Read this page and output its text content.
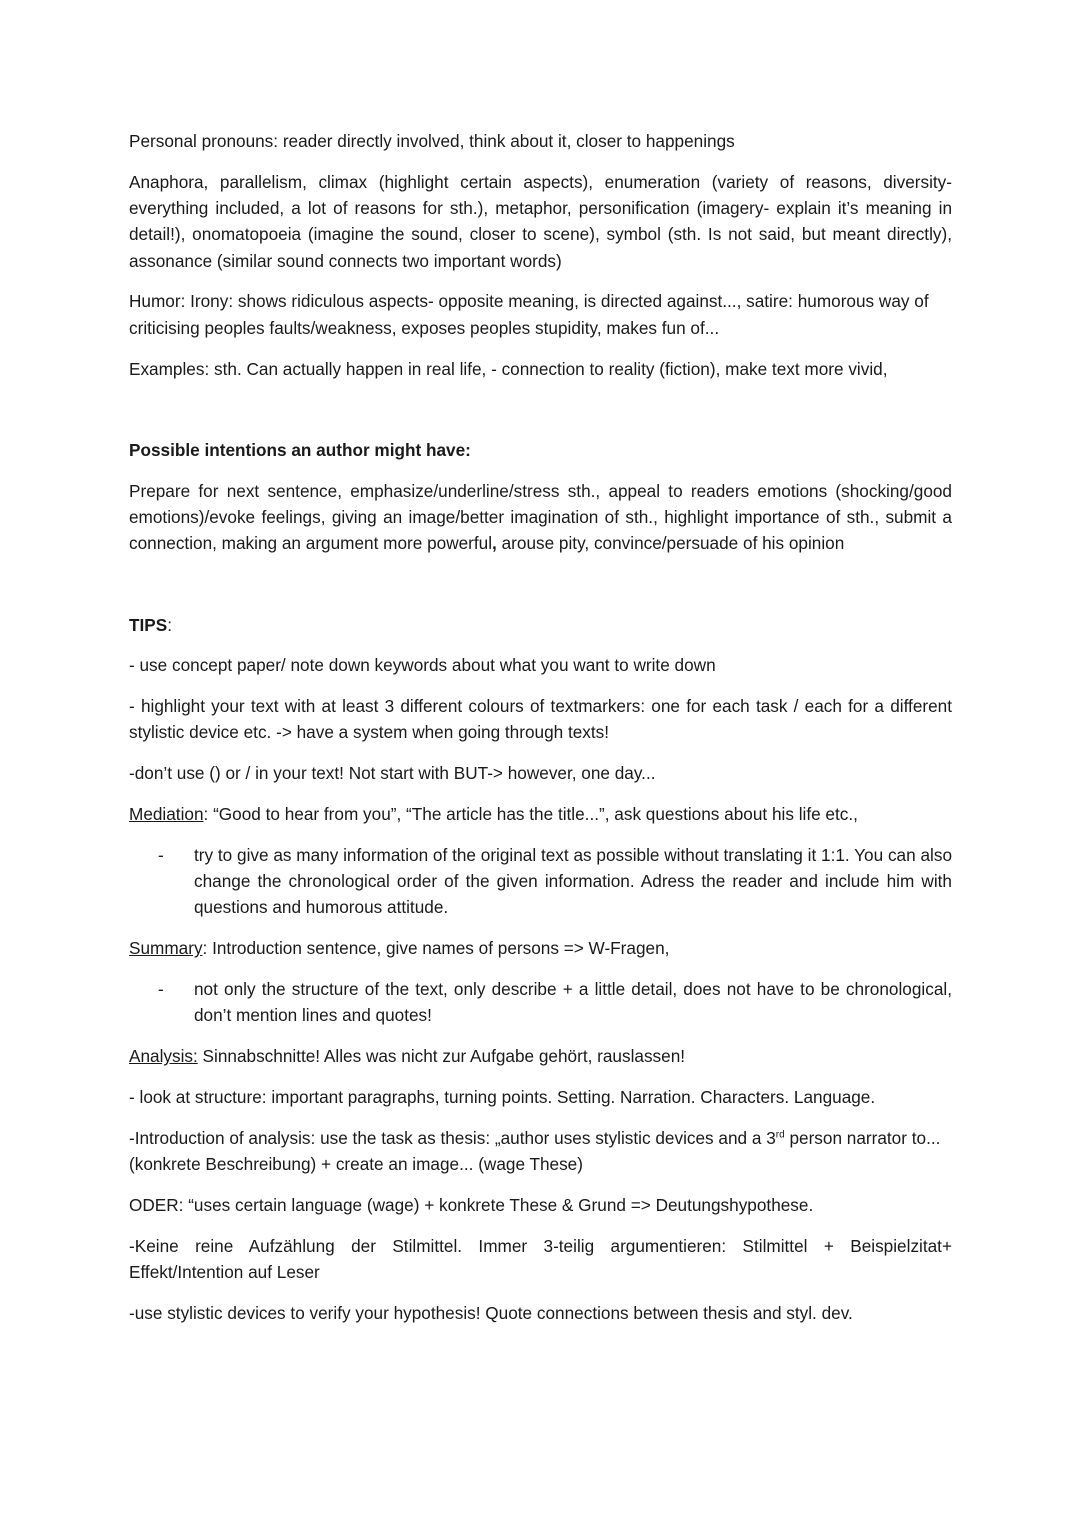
Personal pronouns: reader directly involved, think about it, closer to happenings

Anaphora, parallelism, climax (highlight certain aspects), enumeration (variety of reasons, diversity- everything included, a lot of reasons for sth.), metaphor, personification (imagery- explain it’s meaning in detail!), onomatopoeia (imagine the sound, closer to scene), symbol (sth. Is not said, but meant directly), assonance (similar sound connects two important words)

Humor: Irony: shows ridiculous aspects- opposite meaning, is directed against..., satire: humorous way of criticising peoples faults/weakness, exposes peoples stupidity, makes fun of...

Examples: sth. Can actually happen in real life, - connection to reality (fiction), make text more vivid,

Possible intentions an author might have:

Prepare for next sentence, emphasize/underline/stress sth., appeal to readers emotions (shocking/good emotions)/evoke feelings, giving an image/better imagination of sth., highlight importance of sth., submit a connection, making an argument more powerful, arouse pity, convince/persuade of his opinion

TIPS:

- use concept paper/ note down keywords about what you want to write down

- highlight your text with at least 3 different colours of textmarkers: one for each task / each for a different stylistic device etc. -> have a system when going through texts!

-don’t use () or / in your text! Not start with BUT-> however, one day...

Mediation: “Good to hear from you”, “The article has the title...”, ask questions about his life etc.,

- try to give as many information of the original text as possible without translating it 1:1. You can also change the chronological order of the given information. Adress the reader and include him with questions and humorous attitude.

Summary: Introduction sentence, give names of persons => W-Fragen,

- not only the structure of the text, only describe + a little detail, does not have to be chronological, don’t mention lines and quotes!

Analysis: Sinnabschnitte! Alles was nicht zur Aufgabe gehört, rauslassen!

- look at structure: important paragraphs, turning points. Setting. Narration. Characters. Language.

-Introduction of analysis: use the task as thesis: „author uses stylistic devices and a 3rd person narrator to... (konkrete Beschreibung) + create an image... (wage These)

ODER: “uses certain language (wage) + konkrete These & Grund => Deutungshypothese.

-Keine reine Aufzählung der Stilmittel. Immer 3-teilig argumentieren: Stilmittel + Beispielzitat+ Effekt/Intention auf Leser

-use stylistic devices to verify your hypothesis! Quote connections between thesis and styl. dev.
